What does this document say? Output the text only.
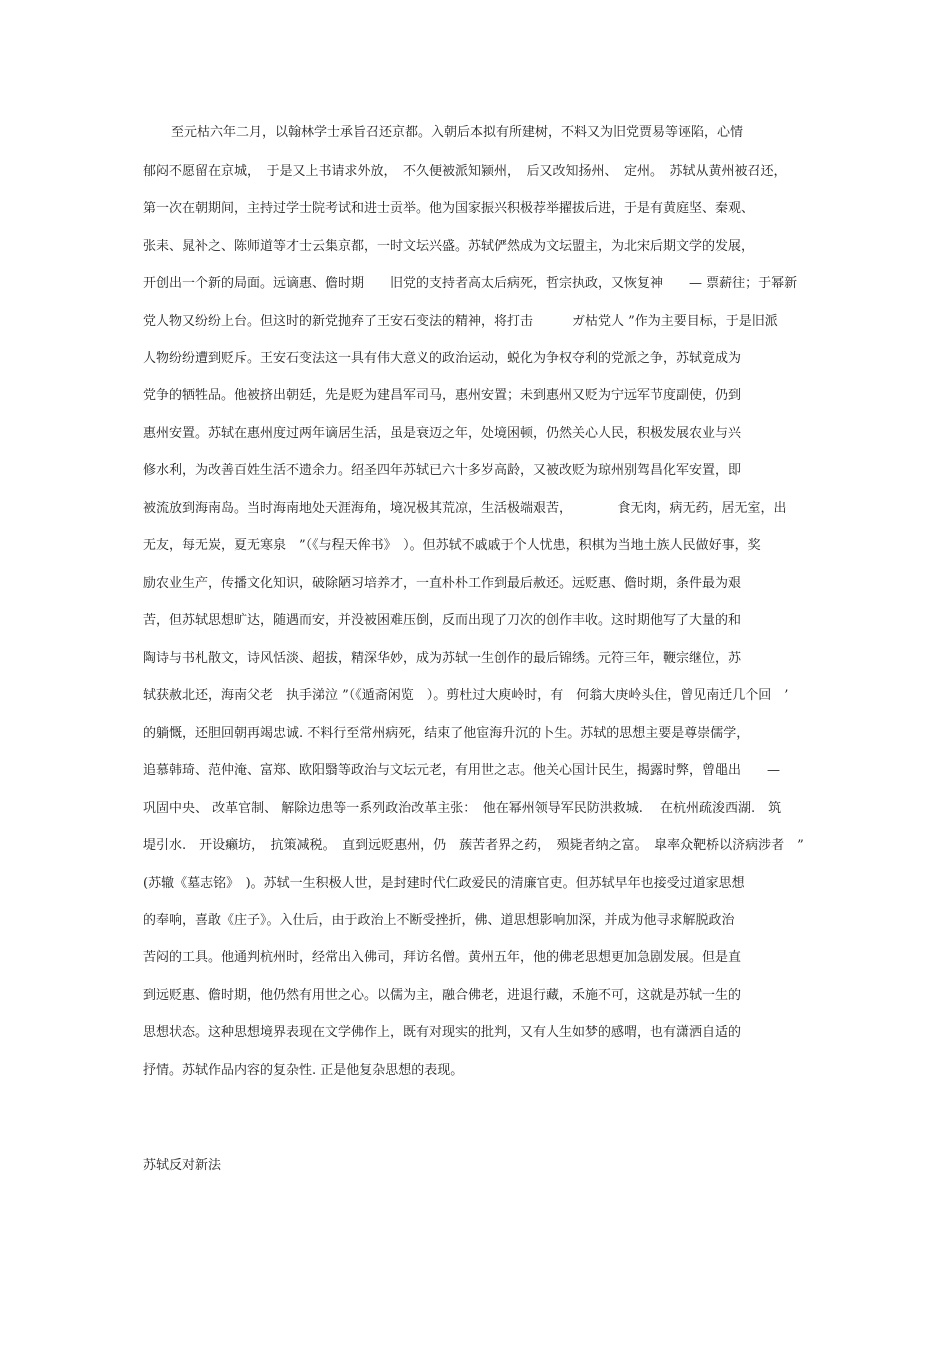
至元枯六年二月，以翰林学士承旨召还京都。入朝后本拟有所建树，不料又为旧党贾易等诬陷，心情
郁闷不愿留在京城，　于是又上书请求外放，　不久便被派知颍州，　后又改知扬州、　定州。　苏轼从黄州被召还，
第一次在朝期间，主持过学士院考试和进士贡举。他为国家振兴积极荐举擢拔后进，于是有黄庭坚、秦观、
张耒、晁补之、陈师道等才士云集京都，一时文坛兴盛。苏轼俨然成为文坛盟主，为北宋后期文学的发展，
开创出一个新的局面。远谪惠、儋时期　　旧党的支持者高太后病死，哲宗执政，又恢复神　　— 票薪往；于幂新
党人物又纷纷上台。但这时的新党抛弃了王安石变法的精神，将打击　　　ガ枯党人 ”作为主要目标，于是旧派
人物纷纷遭到贬斥。王安石变法这一具有伟大意义的政治运动，蜕化为争权夺利的党派之争，苏轼竟成为
党争的牺牲品。他被挤出朝廷，先是贬为建昌军司马，惠州安置；未到惠州又贬为宁远军节度副使，仍到
惠州安置。苏轼在惠州度过两年谪居生活，虽是衰迈之年，处境困顿，仍然关心人民，积极发展农业与兴
修水利，为改善百姓生活不遗余力。绍圣四年苏轼已六十多岁高龄，又被改贬为琼州别驾昌化军安置，即
被流放到海南岛。当时海南地处天涯海角，境况极其荒凉，生活极端艰苦，　　　　食无肉，病无药，居无室，出
无友，每无炭，夏无寒泉　”（《与程天侔书》　）。但苏轼不戚戚于个人忧患，积棋为当地土族人民做好事，奖
励农业生产，传播文化知识，破除陋习培养才，一直朴朴工作到最后赦还。远贬惠、儋时期，条件最为艰
苦，但苏轼思想旷达，随遇而安，并没被困难压倒，反而出现了刀次的创作丰收。这时期他写了大量的和
陶诗与书札散文，诗风恬淡、超拔，精深华妙，成为苏轼一生创作的最后锦绣。元符三年，鞭宗继位，苏
轼获赦北还，海南父老　执手涕泣 ”（《遁斋闲览　）。剪杜过大庾岭时，有　何翁大庚岭头住，曾见南迁几个回　’
的躺慨，还胆回朝再竭忠诚. 不料行至常州病死，结束了他宦海升沉的卜生。苏轼的思想主要是尊崇儒学，
追慕韩琦、范仲淹、富郑、欧阳翳等政治与文坛元老，有用世之志。他关心国计民生，揭露时弊，曾黽出　　—
巩固中央、 改革官制、 解除边患等一系列政治改革主张：　他在幂州领导军民防洪救城.　 在杭州疏浚西湖.　筑
堤引水.　开设癞坊，　抗策减税。　直到远贬惠州，仍　蔟苦者界之药，　殒毙者纳之富。　皐率众靶桥以济病涉者　”
(苏辙《墓志铭》　)。苏轼一生积极人世，是封建时代仁政爱民的清廉官吏。但苏轼早年也接受过道家思想
的奉响，喜敢《庄子》。入仕后，由于政治上不断受挫折，佛、道思想影响加深，并成为他寻求解脱政治
苦闷的工具。他通判杭州时，经常出入佛司，拜访名僧。黄州五年，他的佛老思想更加急剧发展。但是直
到远贬惠、儋时期，他仍然有用世之心。以儒为主，融合佛老，进退行藏，禾施不可，这就是苏轼一生的
思想状态。这种思想境界表现在文学佛作上，既有对现实的批判，又有人生如梦的感喟，也有潇洒自适的
抒情。苏轼作品内容的复杂性. 正是他复杂思想的表现。
苏轼反对新法
